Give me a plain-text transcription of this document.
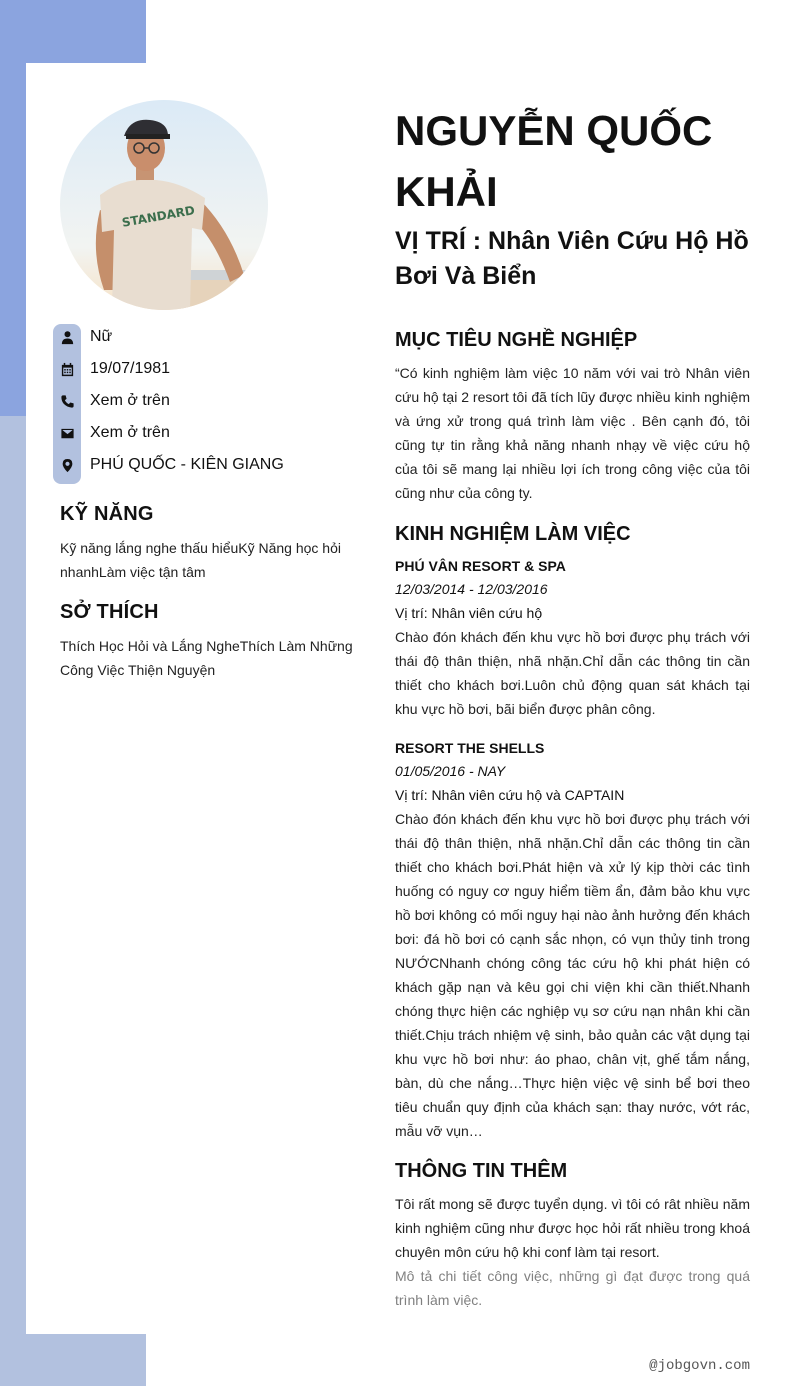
STANDARD
Nữ
19/07/1981
Xem ở trên
Xem ở trên
PHÚ QUỐC - KIÊN GIANG
KỸ NĂNG

Kỹ năng lắng nghe thấu hiểuKỹ Năng học hỏi nhanhLàm việc tận tâm

SỞ THÍCH

Thích Học Hỏi và Lắng NgheThích Làm Những Công Việc Thiện Nguyện

NGUYỄN QUỐC KHẢI
VỊ TRÍ : Nhân Viên Cứu Hộ Hồ Bơi Và Biển
MỤC TIÊU NGHỀ NGHIỆP

“Có kinh nghiệm làm việc 10 năm với vai trò Nhân viên cứu hộ tại 2 resort tôi đã tích lũy được nhiều kinh nghiệm và ứng xử trong quá trình làm việc . Bên cạnh đó, tôi cũng tự tin rằng khả năng nhanh nhạy về việc cứu hộ của tôi sẽ mang lại nhiều lợi ích trong công việc của tôi cũng như của công ty.

KINH NGHIỆM LÀM VIỆC

PHÚ VÂN RESORT & SPA

12/03/2014 - 12/03/2016

Vị trí: Nhân viên cứu hộ

Chào đón khách đến khu vực hồ bơi được phụ trách với thái độ thân thiện, nhã nhặn.Chỉ dẫn các thông tin cần thiết cho khách bơi.Luôn chủ động quan sát khách tại khu vực hồ bơi, bãi biển được phân công.

RESORT THE SHELLS

01/05/2016 - NAY

Vị trí: Nhân viên cứu hộ và CAPTAIN

Chào đón khách đến khu vực hồ bơi được phụ trách với thái độ thân thiện, nhã nhặn.Chỉ dẫn các thông tin cần thiết cho khách bơi.Phát hiện và xử lý kịp thời các tình huống có nguy cơ nguy hiểm tiềm ẩn, đảm bảo khu vực hồ bơi không có mối nguy hại nào ảnh hưởng đến khách bơi: đá hồ bơi có cạnh sắc nhọn, có vụn thủy tinh trong NƯỚCNhanh chóng công tác cứu hộ khi phát hiện có khách gặp nạn và kêu gọi chi viện khi cần thiết.Nhanh chóng thực hiện các nghiệp vụ sơ cứu nạn nhân khi cần thiết.Chịu trách nhiệm vệ sinh, bảo quản các vật dụng tại khu vực hồ bơi như: áo phao, chân vịt, ghế tắm nắng, bàn, dù che nắng…Thực hiện việc vệ sinh bể bơi theo tiêu chuẩn quy định của khách sạn: thay nước, vớt rác, mẫu vỡ vụn…

THÔNG TIN THÊM

Tôi rất mong sẽ được tuyển dụng. vì tôi có rât nhiều năm kinh nghiệm cũng như được học hỏi rất nhiều trong khoá chuyên môn cứu hộ khi conf làm tại resort.

Mô tả chi tiết công việc, những gì đạt được trong quá trình làm việc.

@jobgovn.com
